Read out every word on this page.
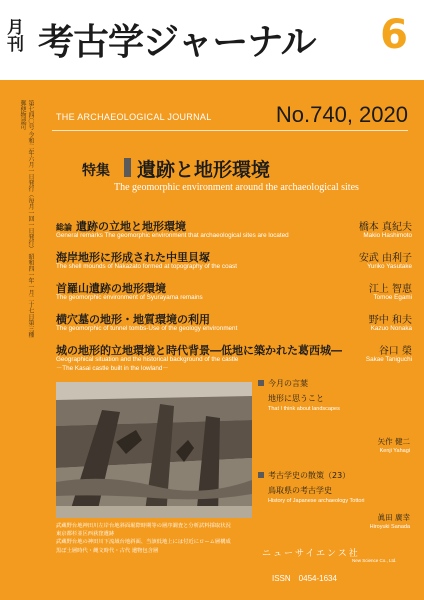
月刊 考古学ジャーナル 6
第七四〇号 令和二年六月一日発行（毎月一回一日発行） 昭和四一年一月二十七日第三種郵便物認可	THE ARCHAEOLOGICAL JOURNAL	No.740, 2020
特集 遺跡と地形環境
The geomorphic environment around the archaeological sites
総論 遺跡の立地と地形環境	橋本 真紀夫
General remarks The geomorphic environment that archaeological sites are located	Makio Hashimoto
海岸地形に形成された中里貝塚	安武 由利子
The shell mounds of Nakazato formed at topography of the coast	Yuriko Yasutake
首羅山遺跡の地形環境	江上 智恵
The geomorphic environment of Syurayama remains	Tomoe Egami
横穴墓の地形・地質環境の利用	野中 和夫
The geomorphic of tunnel tombs-Use of the geology environment	Kazuo Nonaka
城の地形的立地環境と時代背景―低地に築かれた葛西城―	谷口 榮
Geographical situation and the historical background of the castle
－The Kasai castle built in the lowland－
Sakae Taniguchi
武蔵野台地神田川左岸台地斜面堀際時期等の層序調査と分析試料採取状況
東京都杉並区西荻窪遺跡
武蔵野台地の神田川下流域台地斜面、当該低地上には付近にローム層構成
黒ぼ土層時代・縄文時代・古代 遺物包含層
今月の言葉
地形に思うこと
That I think about landscapes
矢作 健二
Kenji Yahagi
考古学史の散策（23）
鳥取県の考古学史
History of Japanese archaeology Tottori
眞田 廣幸
Hiroyuki Sanada
ニューサイエンス社
New Science Co., Ltd.
ISSN　0454-1634
